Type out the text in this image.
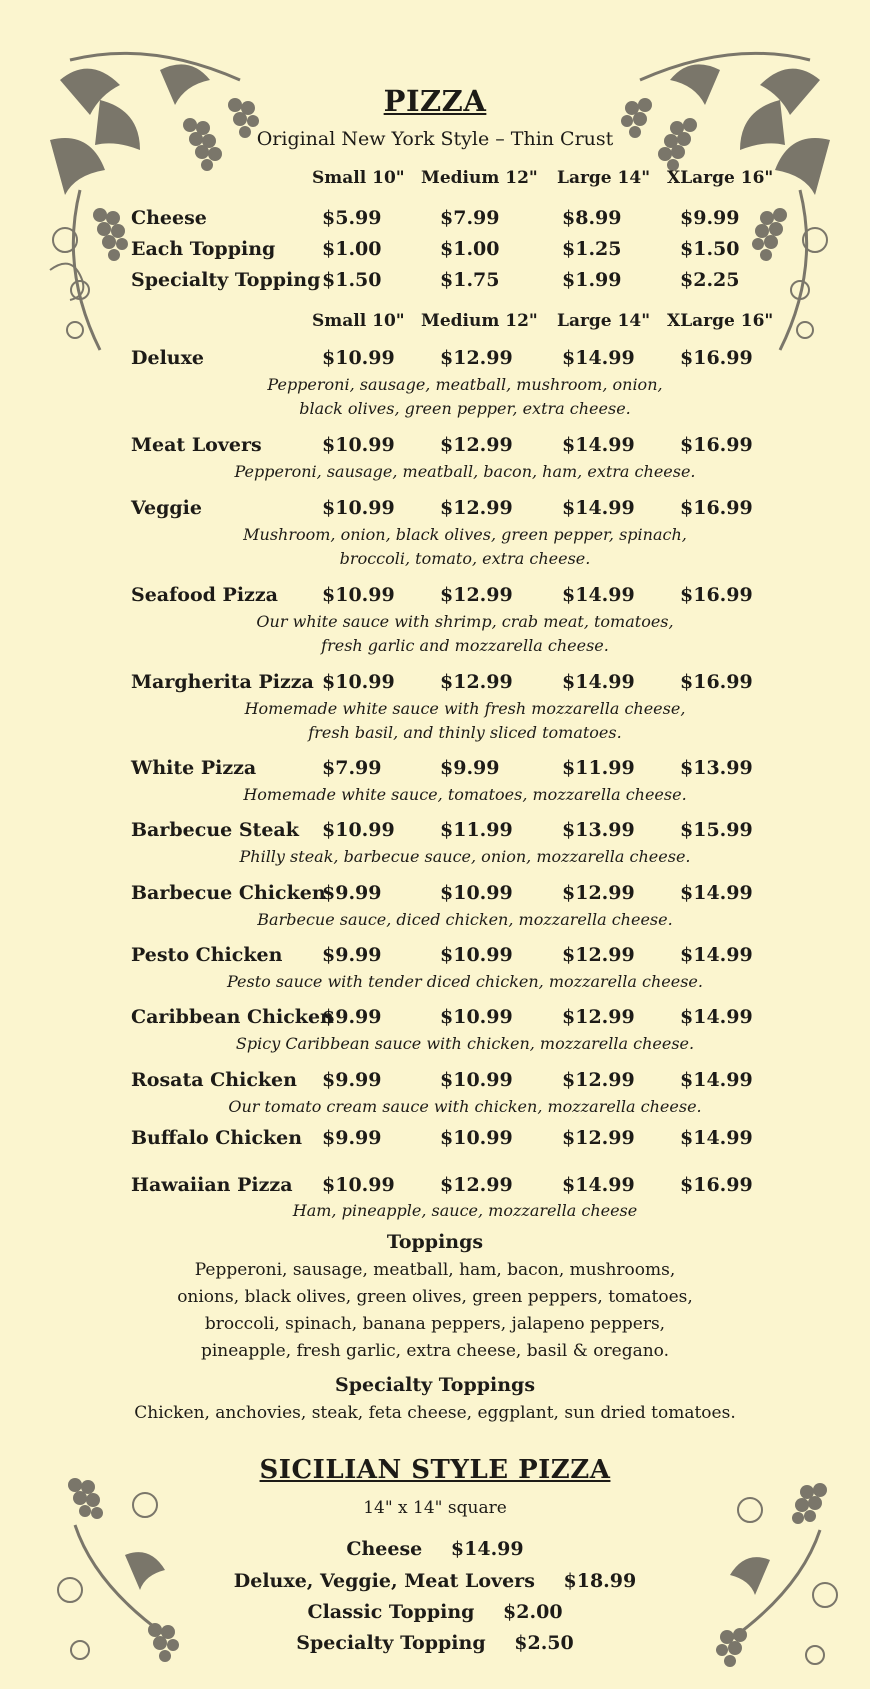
PIZZA
Original New York Style – Thin Crust
Small 10" Medium 12" Large 14" XLarge 16"
Cheese	$5.99	$7.99	$8.99	$9.99
Each Topping $1.00	$1.00	$1.25	$1.50
Specialty Topping $1.50	$1.75	$1.99	$2.25
Small 10" Medium 12" Large 14" XLarge 16"
Deluxe	$10.99 $12.99	$14.99 $16.99
Pepperoni, sausage, meatball, mushroom, onion,
black olives, green pepper, extra cheese.
Meat Lovers	$10.99 $12.99	$14.99 $16.99
Pepperoni, sausage, meatball, bacon, ham, extra cheese.
Veggie	$10.99 $12.99	$14.99 $16.99
Mushroom, onion, black olives, green pepper, spinach,
broccoli, tomato, extra cheese.
Seafood Pizza $10.99 $12.99	$14.99 $16.99
Our white sauce with shrimp, crab meat, tomatoes,
fresh garlic and mozzarella cheese.
Margherita Pizza $10.99 $12.99	$14.99 $16.99
Homemade white sauce with fresh mozzarella cheese,
fresh basil, and thinly sliced tomatoes.
White Pizza	$7.99	$9.99	$11.99 $13.99
Homemade white sauce, tomatoes, mozzarella cheese.
Barbecue Steak $10.99 $11.99	$13.99 $15.99
Philly steak, barbecue sauce, onion, mozzarella cheese.
Barbecue Chicken
$9.99	$10.99	$12.99 $14.99
Barbecue sauce, diced chicken, mozzarella cheese.
Pesto Chicken $9.99	$10.99	$12.99 $14.99
Pesto sauce with tender diced chicken, mozzarella cheese.
Caribbean Chicken
$9.99	$10.99	$12.99 $14.99
Spicy Caribbean sauce with chicken, mozzarella cheese.
Rosata Chicken $9.99	$10.99	$12.99 $14.99
Our tomato cream sauce with chicken, mozzarella cheese.
Buffalo Chicken $9.99	$10.99	$12.99 $14.99
Hawaiian Pizza $10.99 $12.99	$14.99 $16.99
Ham, pineapple, sauce, mozzarella cheese
Toppings
Pepperoni, sausage, meatball, ham, bacon, mushrooms,
onions, black olives, green olives, green peppers, tomatoes,
broccoli, spinach, banana peppers, jalapeno peppers,
pineapple, fresh garlic, extra cheese, basil & oregano.
Specialty Toppings
Chicken, anchovies, steak, feta cheese, eggplant, sun dried tomatoes.
SICILIAN STYLE PIZZA
14" x 14" square
Cheese $14.99
Deluxe, Veggie, Meat Lovers $18.99
Classic Topping $2.00
Specialty Topping $2.50
